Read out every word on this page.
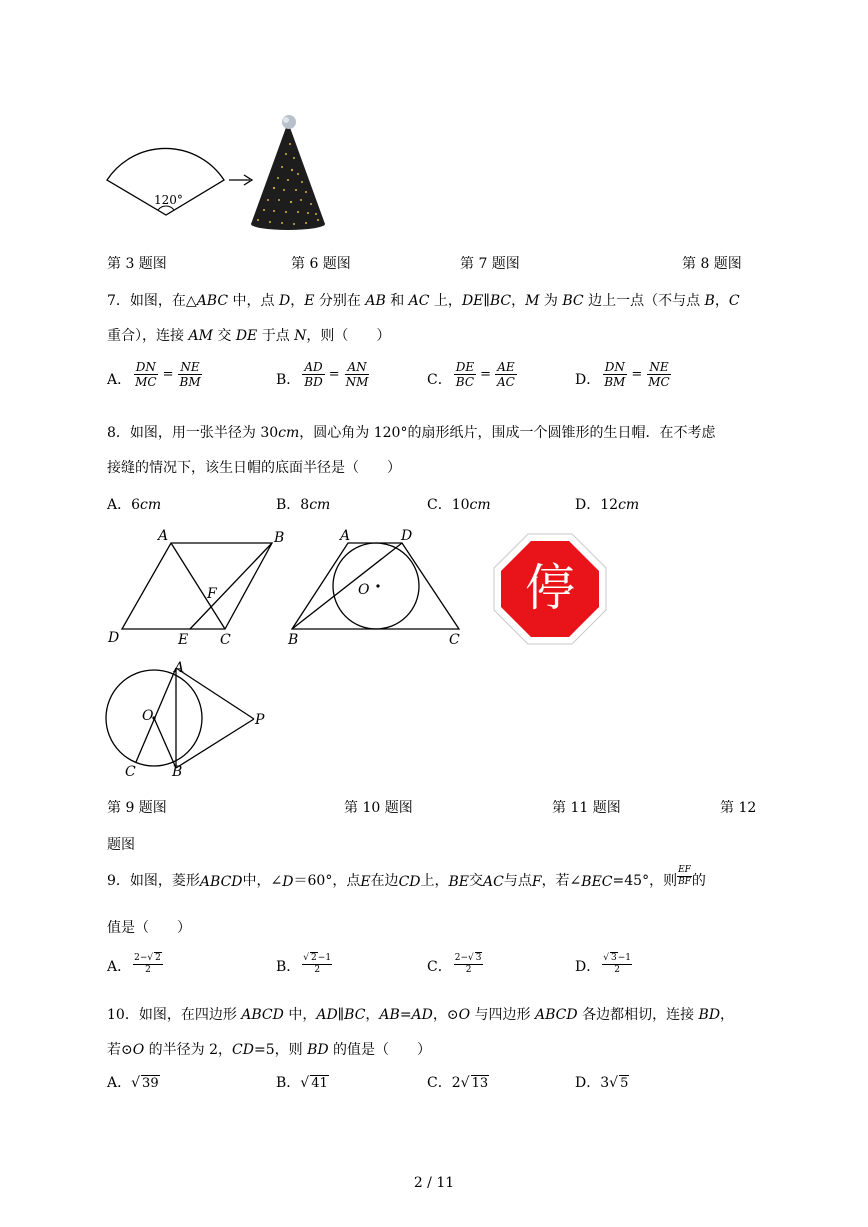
120°
第 3 题图	第 6 题图	第 7 题图	第 8 题图
7．如图，在△ABC 中，点 D，E 分别在 AB 和 AC 上，DE∥BC，M 为 BC 边上一点（不与点 B，C
重合），连接 AM 交 DE 于点 N，则（　　）
A． $\frac{DN}{MC} = \frac{NE}{BM}$	B． $\frac{AD}{BD} = \frac{AN}{NM}$	C． $\frac{DE}{BC} = \frac{AE}{AC}$	D． $\frac{DN}{BM} = \frac{NE}{MC}$
8．如图，用一张半径为 30cm，圆心角为 120°的扇形纸片，围成一个圆锥形的生日帽．在不考虑
接缝的情况下，该生日帽的底面半径是（　　）
A．6cm	B．8cm	C．10cm	D．12cm
A	B
C
D	E
F
A	D
B	C
O	停
A
B
C
O	P
第 9 题图	第 10 题图	第 11 题图	第 12
题图
9．如图，菱形 ABCD 中，∠ D ＝60°，点 E 在边 CD 上， BE 交 AC 与点 F ，若∠ BEC =45°，则 $\frac{EF}{BF}$ 的
值是（　　）
A． $\frac{2-√ 2}{2}$	B． $\frac{√ 2-1}{2}$	C． $\frac{2-√ 3}{2}$	D． $\frac{√ 3-1}{2}$
10．如图，在四边形 ABCD 中，AD∥BC，AB=AD，⊙O 与四边形 ABCD 各边都相切，连接 BD，
若⊙O 的半径为 2，CD=5，则 BD 的值是（　　）
A．√ 39	B．√ 41	C．2√ 13	D．3√ 5
2 / 11
